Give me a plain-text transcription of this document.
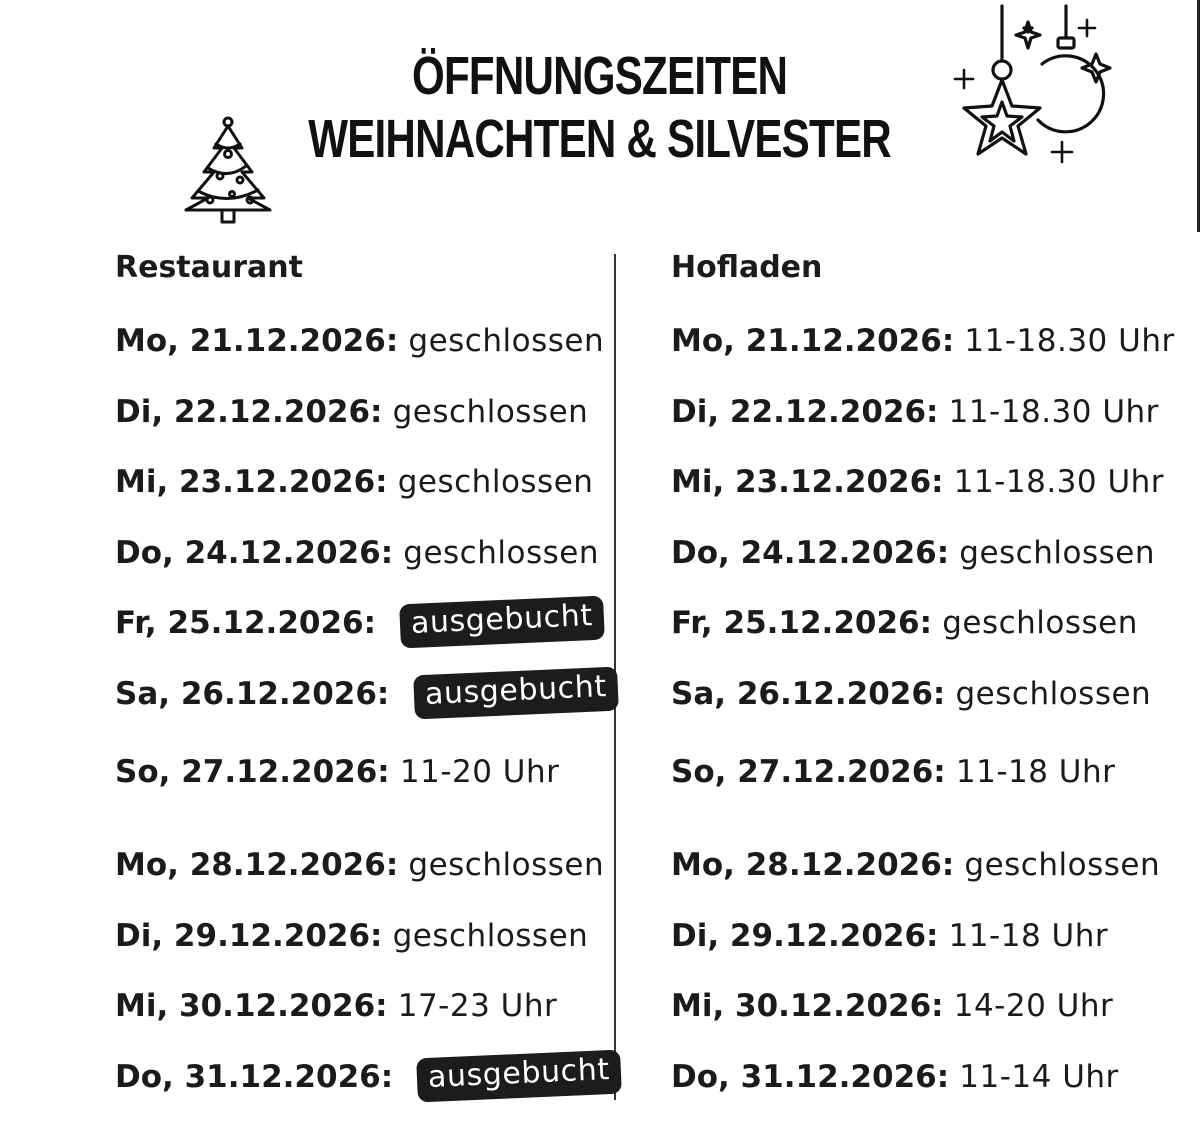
ÖFFNUNGSZEITEN
WEIHNACHTEN & SILVESTER
Restaurant
Mo, 21.12.2026: geschlossen
Di, 22.12.2026: geschlossen
Mi, 23.12.2026: geschlossen
Do, 24.12.2026: geschlossen
Fr, 25.12.2026: ausgebucht
Sa, 26.12.2026: ausgebucht
So, 27.12.2026: 11-20 Uhr
Mo, 28.12.2026: geschlossen
Di, 29.12.2026: geschlossen
Mi, 30.12.2026: 17-23 Uhr
Do, 31.12.2026: ausgebucht
Hofladen
Mo, 21.12.2026: 11-18.30 Uhr
Di, 22.12.2026: 11-18.30 Uhr
Mi, 23.12.2026: 11-18.30 Uhr
Do, 24.12.2026: geschlossen
Fr, 25.12.2026: geschlossen
Sa, 26.12.2026: geschlossen
So, 27.12.2026: 11-18 Uhr
Mo, 28.12.2026: geschlossen
Di, 29.12.2026: 11-18 Uhr
Mi, 30.12.2026: 14-20 Uhr
Do, 31.12.2026: 11-14 Uhr
